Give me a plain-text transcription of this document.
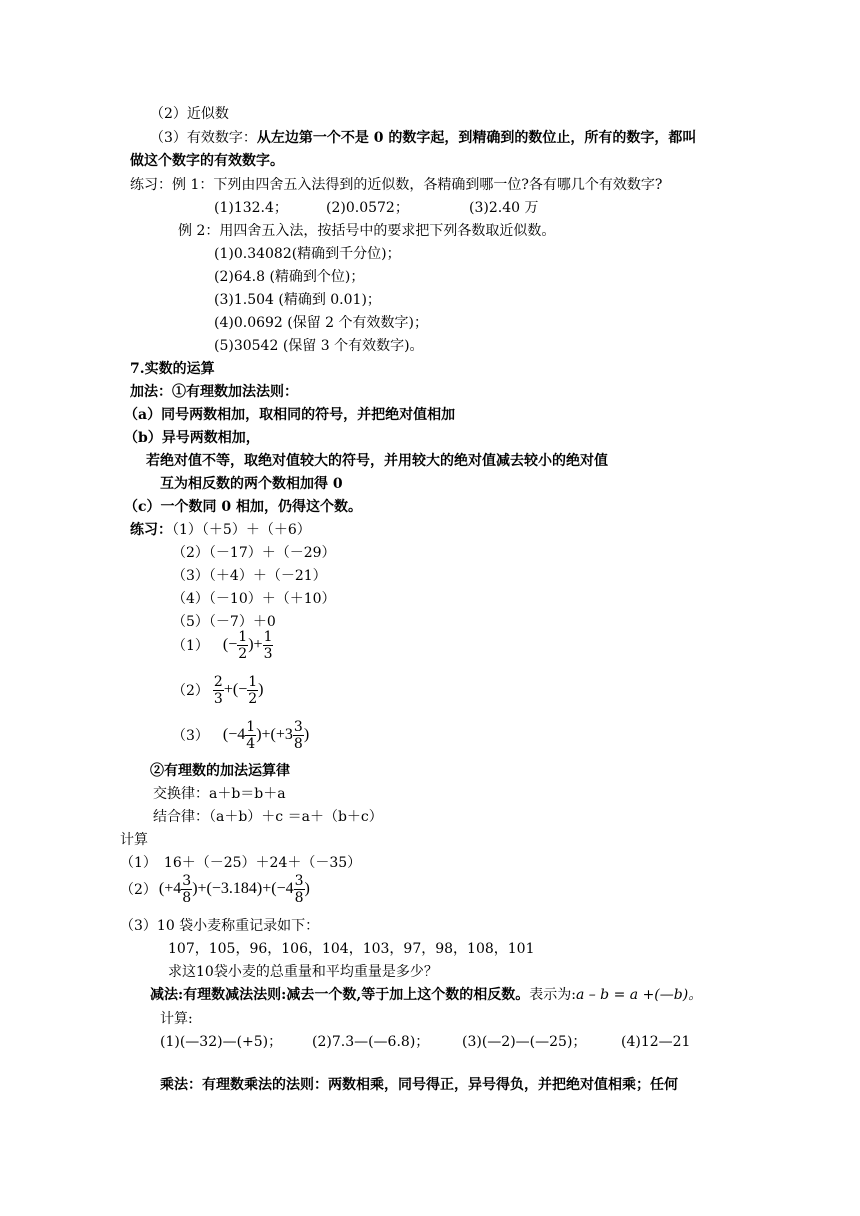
（2）近似数
（3）有效数字：从左边第一个不是 0 的数字起，到精确到的数位止，所有的数字，都叫
做这个数字的有效数字。
练习：例 1：下列由四舍五入法得到的近似数，各精确到哪一位?各有哪几个有效数字?
(1)132.4；	(2)0.0572；	(3)2.40 万
例 2：用四舍五入法，按括号中的要求把下列各数取近似数。
(1)0.34082(精确到千分位)；
(2)64.8 (精确到个位)；
(3)1.504 (精确到 0.01)；
(4)0.0692 (保留 2 个有效数字)；
(5)30542 (保留 3 个有效数字)。
7.实数的运算
加法：①有理数加法法则：
（a）同号两数相加，取相同的符号，并把绝对值相加
（b）异号两数相加，
若绝对值不等，取绝对值较大的符号，并用较大的绝对值减去较小的绝对值
互为相反数的两个数相加得 0
（c）一个数同 0 相加，仍得这个数。
练习：（1）（＋5）＋（＋6）
（2）（－17）＋（－29）
（3）（＋4）＋（－21）
（4）（－10）＋（＋10）
（5）（－7）＋0
（1） (− $\frac{1}{2}$ )+ $\frac{1}{3}$
$(2) \frac{2}{3}$ +(− $\frac{1}{2}$ )
（3） $(-4 \frac{1}{4} )+(+3 \frac{3}{8}$ )
②有理数的加法运算律
交换律：a＋b＝b＋a
结合律：（a＋b）＋c ＝a＋（b＋c）
计算
（1）　16＋（－25）＋24＋（－35）
（2） $(+4 \frac{3}{8} )+(-3.184)+(-4 \frac{3}{8}$ )
（3）10 袋小麦称重记录如下：
107，105，96，106，104，103，97，98，108，101
求这10袋小麦的总重量和平均重量是多少？
减法:有理数减法法则:减去一个数,等于加上这个数的相反数。表示为:a – b = a +(—b)。
计算:
(1)(—32)—(+5)； (2)7.3—(—6.8)； (3)(—2)—(—25)； (4)12—21
乘法：有理数乘法的法则：两数相乘，同号得正，异号得负，并把绝对值相乘；任何
